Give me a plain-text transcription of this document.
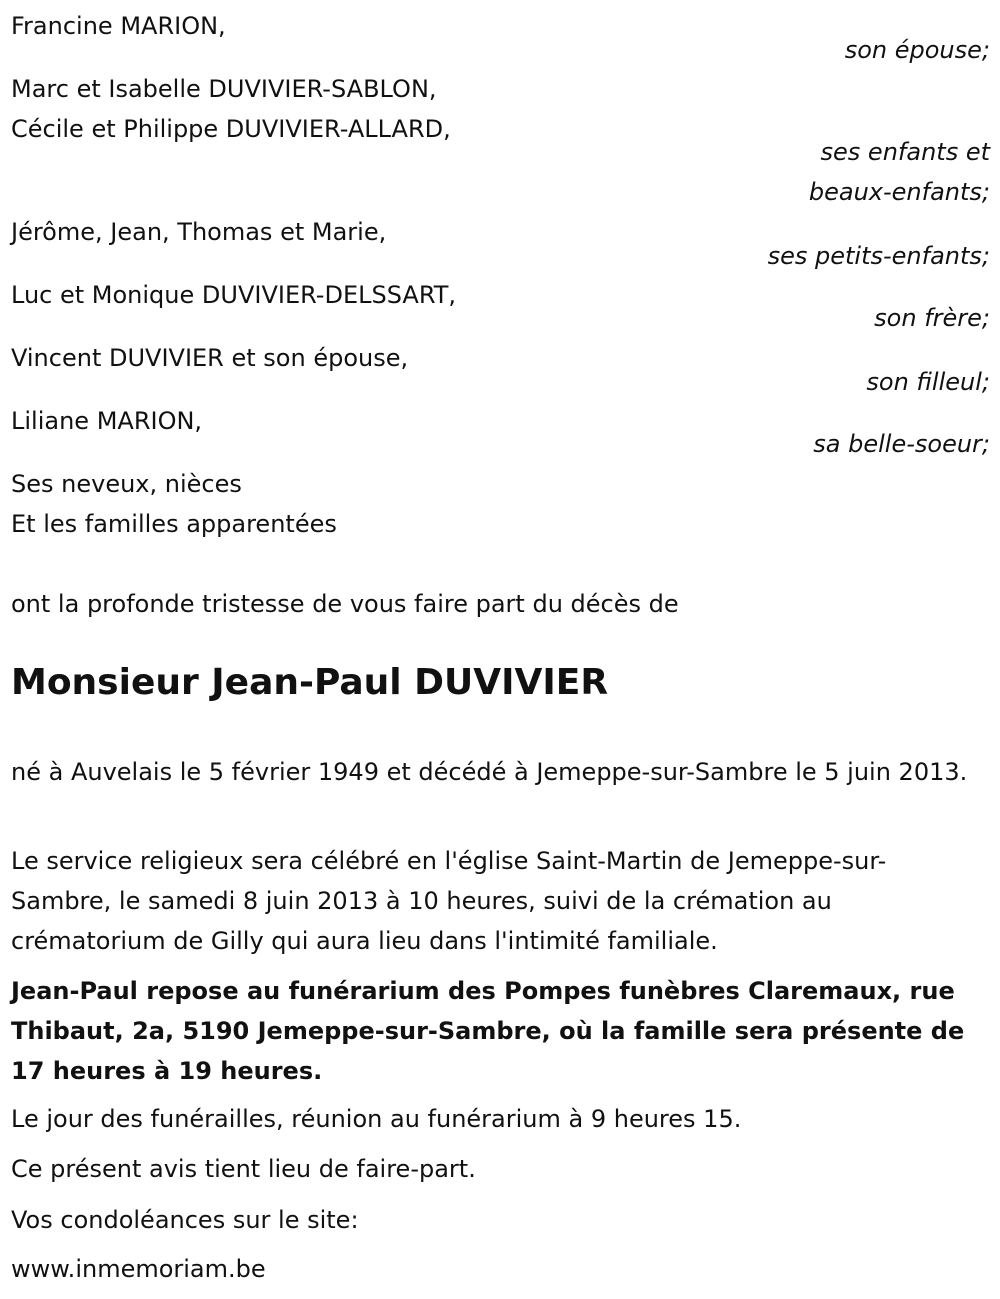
Francine MARION,
son épouse;
Marc et Isabelle DUVIVIER-SABLON,
Cécile et Philippe DUVIVIER-ALLARD,
ses enfants et
beaux-enfants;
Jérôme, Jean, Thomas et Marie,
ses petits-enfants;
Luc et Monique DUVIVIER-DELSSART,
son frère;
Vincent DUVIVIER et son épouse,
son filleul;
Liliane MARION,
sa belle-soeur;
Ses neveux, nièces
Et les familles apparentées
ont la profonde tristesse de vous faire part du décès de
Monsieur Jean-Paul DUVIVIER
né à Auvelais le 5 février 1949 et décédé à Jemeppe-sur-Sambre le 5 juin 2013.
Le service religieux sera célébré en l'église Saint-Martin de Jemeppe-sur-Sambre, le samedi 8 juin 2013 à 10 heures, suivi de la crémation au crématorium de Gilly qui aura lieu dans l'intimité familiale.
Jean-Paul repose au funérarium des Pompes funèbres Claremaux, rue Thibaut, 2a, 5190 Jemeppe-sur-Sambre, où la famille sera présente de 17 heures à 19 heures.
Le jour des funérailles, réunion au funérarium à 9 heures 15.
Ce présent avis tient lieu de faire-part.
Vos condoléances sur le site:
www.inmemoriam.be
